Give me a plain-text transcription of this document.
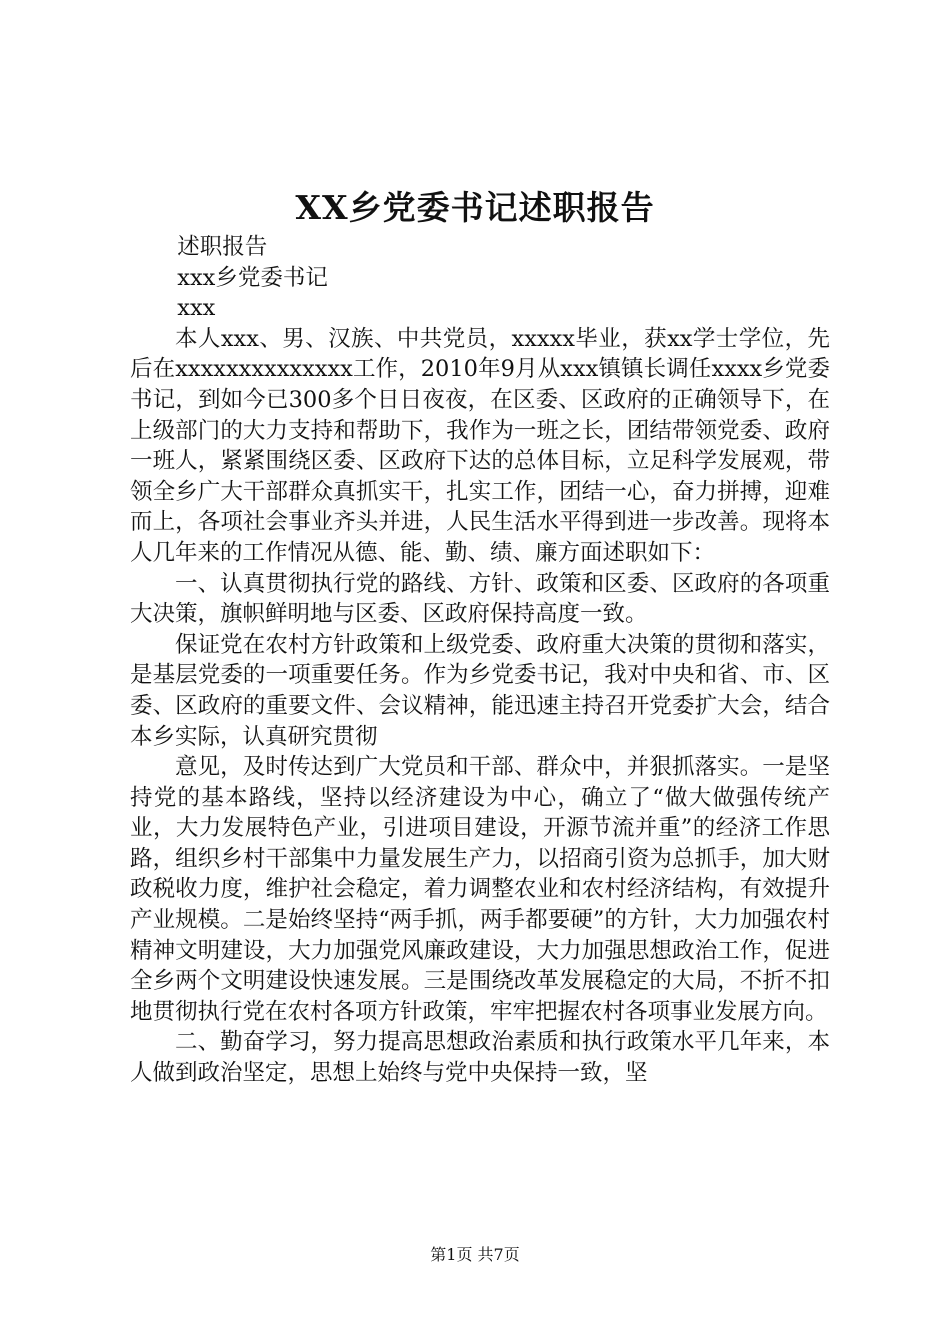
XX乡党委书记述职报告

述职报告

xxx乡党委书记

xxx

本人xxx、男、汉族、中共党员，xxxxx毕业，获xx学士学位，先后在xxxxxxxxxxxxxx工作，2010年9月从xxx镇镇长调任xxxx乡党委书记，到如今已300多个日日夜夜，在区委、区政府的正确领导下，在上级部门的大力支持和帮助下，我作为一班之长，团结带领党委、政府一班人，紧紧围绕区委、区政府下达的总体目标，立足科学发展观，带领全乡广大干部群众真抓实干，扎实工作，团结一心，奋力拼搏，迎难而上，各项社会事业齐头并进，人民生活水平得到进一步改善。现将本人几年来的工作情况从德、能、勤、绩、廉方面述职如下：

一、认真贯彻执行党的路线、方针、政策和区委、区政府的各项重大决策，旗帜鲜明地与区委、区政府保持高度一致。

保证党在农村方针政策和上级党委、政府重大决策的贯彻和落实，是基层党委的一项重要任务。作为乡党委书记，我对中央和省、市、区委、区政府的重要文件、会议精神，能迅速主持召开党委扩大会，结合本乡实际，认真研究贯彻

意见，及时传达到广大党员和干部、群众中，并狠抓落实。一是坚持党的基本路线，坚持以经济建设为中心，确立了“做大做强传统产业，大力发展特色产业，引进项目建设，开源节流并重”的经济工作思路，组织乡村干部集中力量发展生产力，以招商引资为总抓手，加大财政税收力度，维护社会稳定，着力调整农业和农村经济结构，有效提升产业规模。二是始终坚持“两手抓，两手都要硬”的方针，大力加强农村精神文明建设，大力加强党风廉政建设，大力加强思想政治工作，促进全乡两个文明建设快速发展。三是围绕改革发展稳定的大局，不折不扣地贯彻执行党在农村各项方针政策，牢牢把握农村各项事业发展方向。

二、勤奋学习，努力提高思想政治素质和执行政策水平几年来，本人做到政治坚定，思想上始终与党中央保持一致，坚

第1页 共7页
